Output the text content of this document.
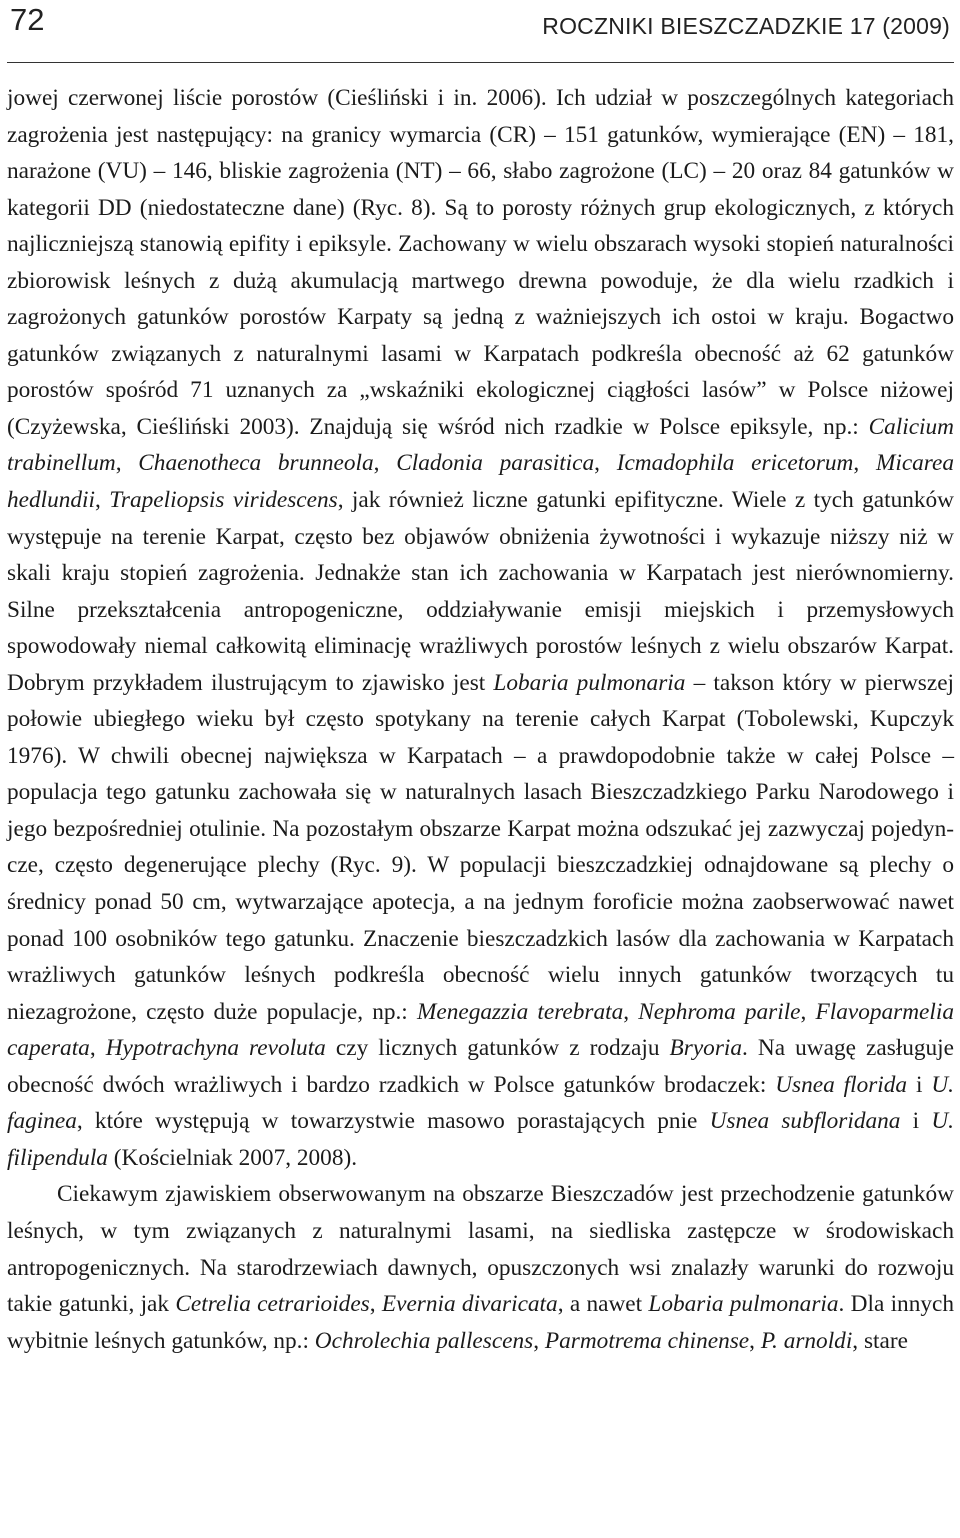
72	ROCZNIKI BIESZCZADZKIE 17 (2009)

jowej czerwonej liście porostów (Cieśliński i in. 2006). Ich udział w poszczególnych kategoriach zagrożenia jest następujący: na granicy wymarcia (CR) – 151 gatunków, wymierające (EN) – 181, narażone (VU) – 146, bliskie zagrożenia (NT) – 66, słabo zagrożone (LC) – 20 oraz 84 gatunków w kategorii DD (niedostateczne dane) (Ryc. 8). Są to porosty różnych grup ekologicznych, z których najliczniejszą stanowią epifity i epiksyle. Zachowany w wielu obszarach wysoki stopień naturalności zbiorowisk leśnych z dużą akumulacją martwego drewna powoduje, że dla wielu rzadkich i zagrożonych gatunków porostów Karpaty są jedną z ważniejszych ich ostoi w kraju. Bogactwo gatunków związanych z naturalnymi lasami w Karpatach podkreśla obecność aż 62 gatunków porostów spośród 71 uznanych za „wskaźniki ekologicznej ciągłości lasów” w Polsce niżowej (Czyżewska, Cieśliński 2003). Znajdują się wśród nich rzadkie w Polsce epiksyle, np.: Calicium trabinellum, Chaenotheca brunneola, Cladonia parasitica, Icmadophila ericetorum, Micarea hedlundii, Trapeliopsis viridescens, jak również liczne gatunki epifityczne. Wiele z tych gatunków występuje na terenie Karpat, często bez objawów obniżenia żywotności i wykazuje niższy niż w skali kraju stopień zagrożenia. Jednakże stan ich zachowania w Karpatach jest nierównomierny. Silne przekształcenia antropogeniczne, oddziaływanie emisji miejskich i przemysłowych spowodowały niemal całkowitą eliminację wrażliwych porostów leśnych z wielu obszarów Karpat. Dobrym przykładem ilustrującym to zjawisko jest Lobaria pulmonaria – takson który w pierwszej połowie ubiegłego wieku był często spotykany na terenie całych Karpat (Tobolewski, Kupczyk 1976). W chwili obecnej największa w Karpatach – a prawdopodobnie także w całej Polsce – populacja tego gatunku zachowała się w naturalnych lasach Bieszczadzkiego Parku Narodowego i jego bezpośredniej otulinie. Na pozostałym obszarze Karpat można odszukać jej zazwyczaj pojedyncze, często degenerujące plechy (Ryc. 9). W populacji bieszczadzkiej odnajdowane są plechy o średnicy ponad 50 cm, wytwarzające apotecja, a na jednym foroficie można zaobserwować nawet ponad 100 osobników tego gatunku. Znaczenie bieszczadzkich lasów dla zachowania w Karpatach wrażliwych gatunków leśnych podkreśla obecność wielu innych gatunków tworzących tu niezagrożone, często duże populacje, np.: Menegazzia terebrata, Nephroma parile, Flavoparmelia caperata, Hypotrachyna revoluta czy licznych gatunków z rodzaju Bryoria. Na uwagę zasługuje obecność dwóch wrażliwych i bardzo rzadkich w Polsce gatunków brodaczek: Usnea florida i U. faginea, które występują w towarzystwie masowo porastających pnie Usnea subfloridana i U. filipendula (Kościelniak 2007, 2008).

Ciekawym zjawiskiem obserwowanym na obszarze Bieszczadów jest przechodzenie gatunków leśnych, w tym związanych z naturalnymi lasami, na siedliska zastępcze w środowiskach antropogenicznych. Na starodrzewiach dawnych, opuszczonych wsi znalazły warunki do rozwoju takie gatunki, jak Cetrelia cetrarioides, Evernia divaricata, a nawet Lobaria pulmonaria. Dla innych wybitnie leśnych gatunków, np.: Ochrolechia pallescens, Parmotrema chinense, P. arnoldi, stare
